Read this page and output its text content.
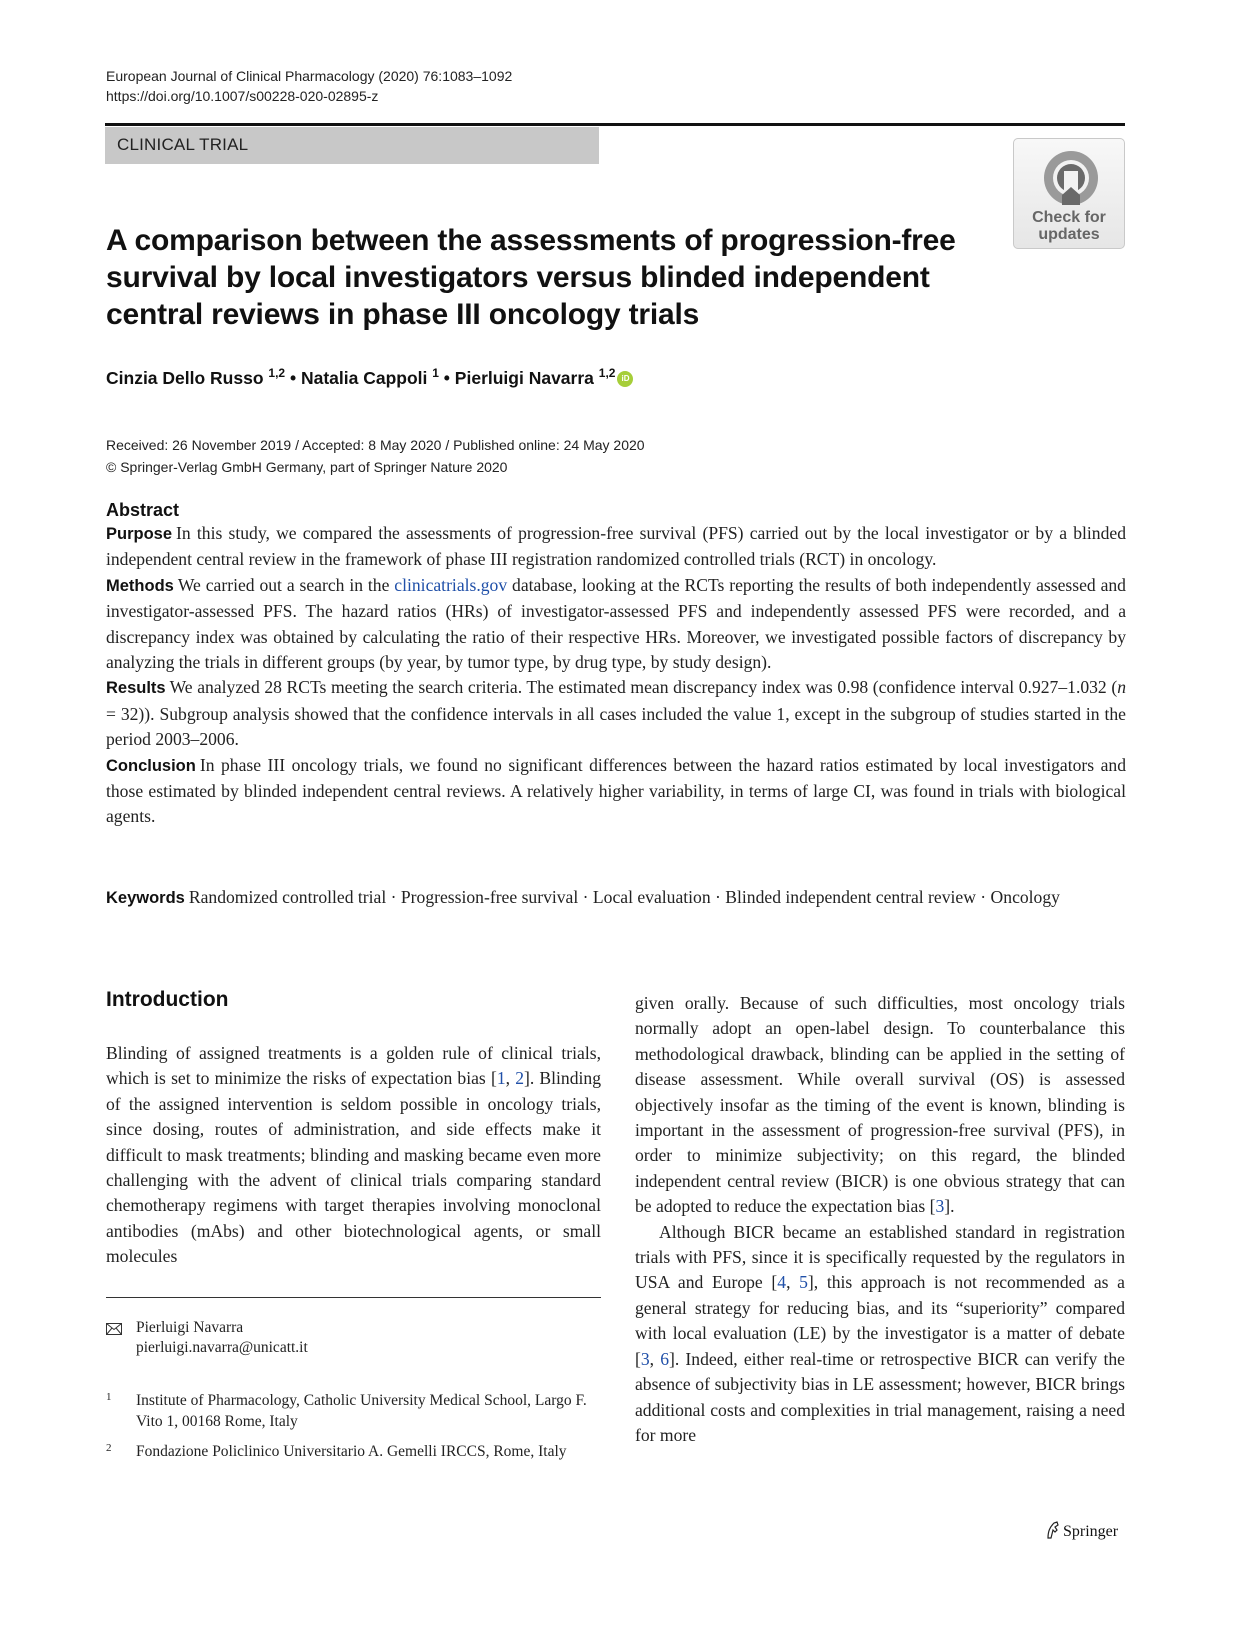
European Journal of Clinical Pharmacology (2020) 76:1083–1092
https://doi.org/10.1007/s00228-020-02895-z
CLINICAL TRIAL
Check for
updates
A comparison between the assessments of progression-free survival by local investigators versus blinded independent central reviews in phase III oncology trials
Cinzia Dello Russo $^{1,2}$ • Natalia Cappoli $^1$ • Pierluigi Navarra $^{1,2}$ iD
Received: 26 November 2019 / Accepted: 8 May 2020 / Published online: 24 May 2020
© Springer-Verlag GmbH Germany, part of Springer Nature 2020
Abstract
Purpose In this study, we compared the assessments of progression-free survival (PFS) carried out by the local investigator or by a blinded independent central review in the framework of phase III registration randomized controlled trials (RCT) in oncology.
Methods We carried out a search in the clinicatrials.gov database, looking at the RCTs reporting the results of both independently assessed and investigator-assessed PFS. The hazard ratios (HRs) of investigator-assessed PFS and independently assessed PFS were recorded, and a discrepancy index was obtained by calculating the ratio of their respective HRs. Moreover, we investigated possible factors of discrepancy by analyzing the trials in different groups (by year, by tumor type, by drug type, by study design).
Results We analyzed 28 RCTs meeting the search criteria. The estimated mean discrepancy index was 0.98 (confidence interval 0.927–1.032 (n = 32)). Subgroup analysis showed that the confidence intervals in all cases included the value 1, except in the subgroup of studies started in the period 2003–2006.
Conclusion In phase III oncology trials, we found no significant differences between the hazard ratios estimated by local investigators and those estimated by blinded independent central reviews. A relatively higher variability, in terms of large CI, was found in trials with biological agents.
Keywords Randomized controlled trial · Progression-free survival · Local evaluation · Blinded independent central review · Oncology
Introduction
Blinding of assigned treatments is a golden rule of clinical trials, which is set to minimize the risks of expectation bias [1, 2]. Blinding of the assigned intervention is seldom possible in oncology trials, since dosing, routes of administration, and side effects make it difficult to mask treatments; blinding and masking became even more challenging with the advent of clinical trials comparing standard chemotherapy regimens with target therapies involving monoclonal antibodies (mAbs) and other biotechnological agents, or small molecules
given orally. Because of such difficulties, most oncology trials normally adopt an open-label design. To counterbalance this methodological drawback, blinding can be applied in the setting of disease assessment. While overall survival (OS) is assessed objectively insofar as the timing of the event is known, blinding is important in the assessment of progression-free survival (PFS), in order to minimize subjectivity; on this regard, the blinded independent central review (BICR) is one obvious strategy that can be adopted to reduce the expectation bias [3].
Although BICR became an established standard in registration trials with PFS, since it is specifically requested by the regulators in USA and Europe [4, 5], this approach is not recommended as a general strategy for reducing bias, and its “superiority” compared with local evaluation (LE) by the investigator is a matter of debate [3, 6]. Indeed, either real-time or retrospective BICR can verify the absence of subjectivity bias in LE assessment; however, BICR brings additional costs and complexities in trial management, raising a need for more
Pierluigi Navarra
pierluigi.navarra@unicatt.it
1 Institute of Pharmacology, Catholic University Medical School, Largo F. Vito 1, 00168 Rome, Italy
2 Fondazione Policlinico Universitario A. Gemelli IRCCS, Rome, Italy
Springer
